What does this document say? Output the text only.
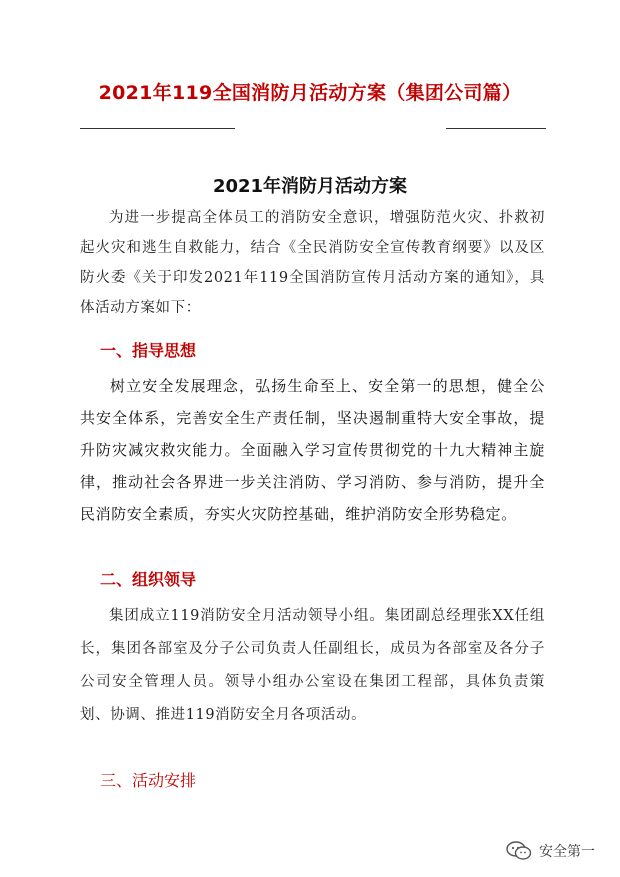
2021年119全国消防月活动方案（集团公司篇）
2021年消防月活动方案

为进一步提高全体员工的消防安全意识，增强防范火灾、扑救初起火灾和逃生自救能力，结合《全民消防安全宣传教育纲要》以及区防火委《关于印发2021年119全国消防宣传月活动方案的通知》，具体活动方案如下：

一、指导思想

树立安全发展理念，弘扬生命至上、安全第一的思想，健全公共安全体系，完善安全生产责任制，坚决遏制重特大安全事故，提升防灾减灾救灾能力。全面融入学习宣传贯彻党的十九大精神主旋律，推动社会各界进一步关注消防、学习消防、参与消防，提升全民消防安全素质，夯实火灾防控基础，维护消防安全形势稳定。

二、组织领导

集团成立119消防安全月活动领导小组。集团副总经理张XX任组长，集团各部室及分子公司负责人任副组长，成员为各部室及各分子公司安全管理人员。领导小组办公室设在集团工程部，具体负责策划、协调、推进119消防安全月各项活动。

三、活动安排
安全第一
